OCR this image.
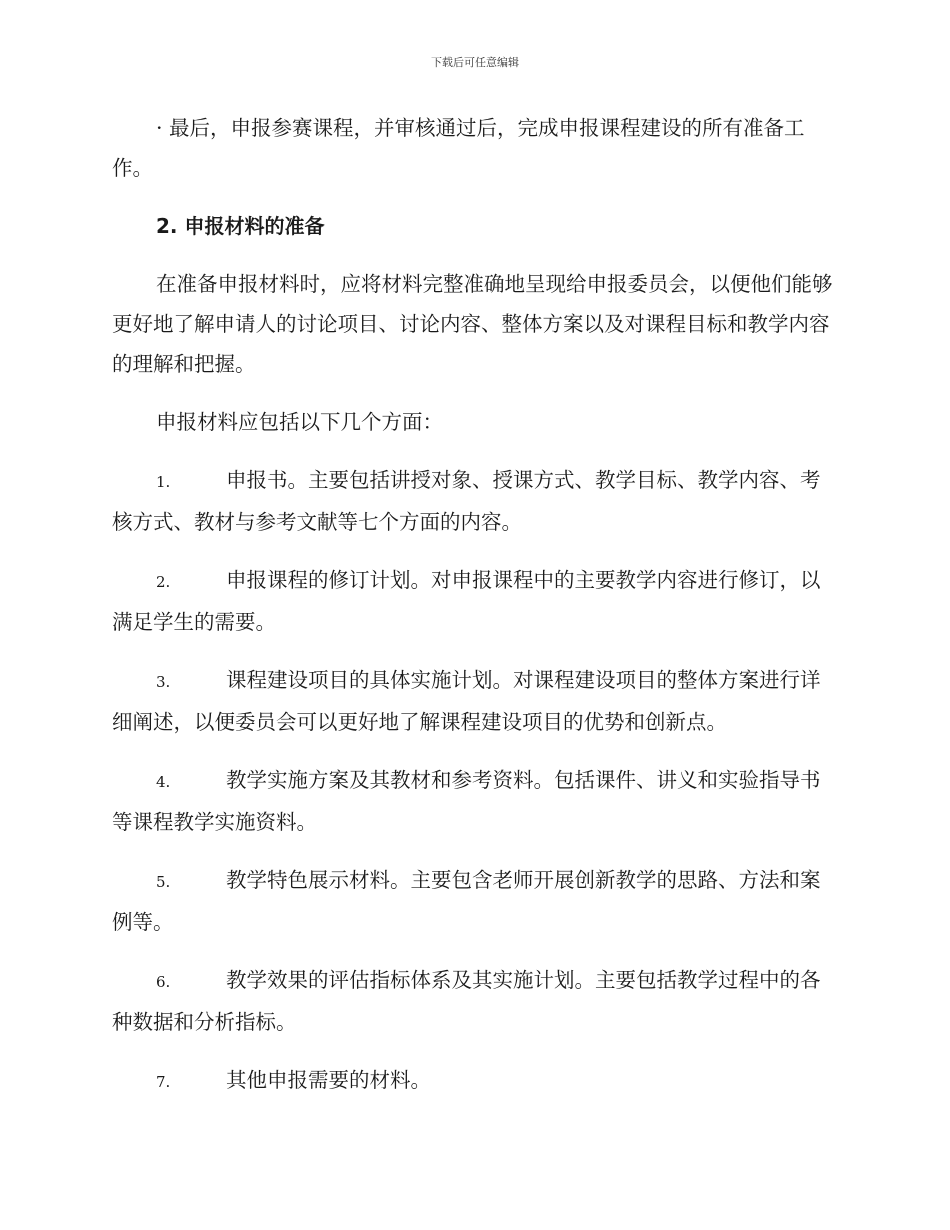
下载后可任意编辑

· 最后，申报参赛课程，并审核通过后，完成申报课程建设的所有准备工作。

2. 申报材料的准备

在准备申报材料时，应将材料完整准确地呈现给申报委员会，以便他们能够更好地了解申请人的讨论项目、讨论内容、整体方案以及对课程目标和教学内容的理解和把握。

申报材料应包括以下几个方面：

1.	申报书。主要包括讲授对象、授课方式、教学目标、教学内容、考核方式、教材与参考文献等七个方面的内容。

2.	申报课程的修订计划。对申报课程中的主要教学内容进行修订，以满足学生的需要。

3.	课程建设项目的具体实施计划。对课程建设项目的整体方案进行详细阐述，以便委员会可以更好地了解课程建设项目的优势和创新点。

4.	教学实施方案及其教材和参考资料。包括课件、讲义和实验指导书等课程教学实施资料。

5.	教学特色展示材料。主要包含老师开展创新教学的思路、方法和案例等。

6.	教学效果的评估指标体系及其实施计划。主要包括教学过程中的各种数据和分析指标。

7.	其他申报需要的材料。
